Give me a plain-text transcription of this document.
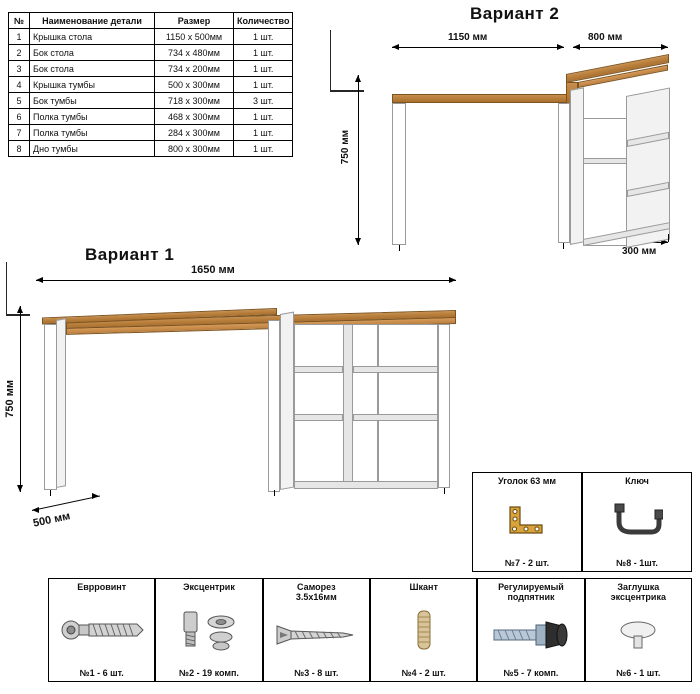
№	Наименование детали	Размер	Количество
1	Крышка стола	1150 x 500мм	1 шт.
2	Бок стола	734 x 480мм	1 шт.
3	Бок стола	734 x 200мм	1 шт.
4	Крышка тумбы	500 x 300мм	1 шт.
5	Бок тумбы	718 x 300мм	3 шт.
6	Полка тумбы	468 x 300мм	1 шт.
7	Полка тумбы	284 x 300мм	1 шт.
8	Дно тумбы	800 x 300мм	1 шт.
Вариант 2
1150 мм	800 мм
750 мм
300 мм
Вариант 1
1650 мм
750 мм
500 мм
Уголок 63 мм
№7 - 2 шт.
Ключ
№8 - 1шт.
Еврровинт
№1 - 6 шт.
Эксцентрик
№2 - 19 комп.
Саморез
3.5х16мм
№3 - 8 шт.
Шкант
№4 - 2 шт.
Регулируемый
подпятник
№5 - 7 комп.
Заглушка
эксцентрика
№6 - 1 шт.
